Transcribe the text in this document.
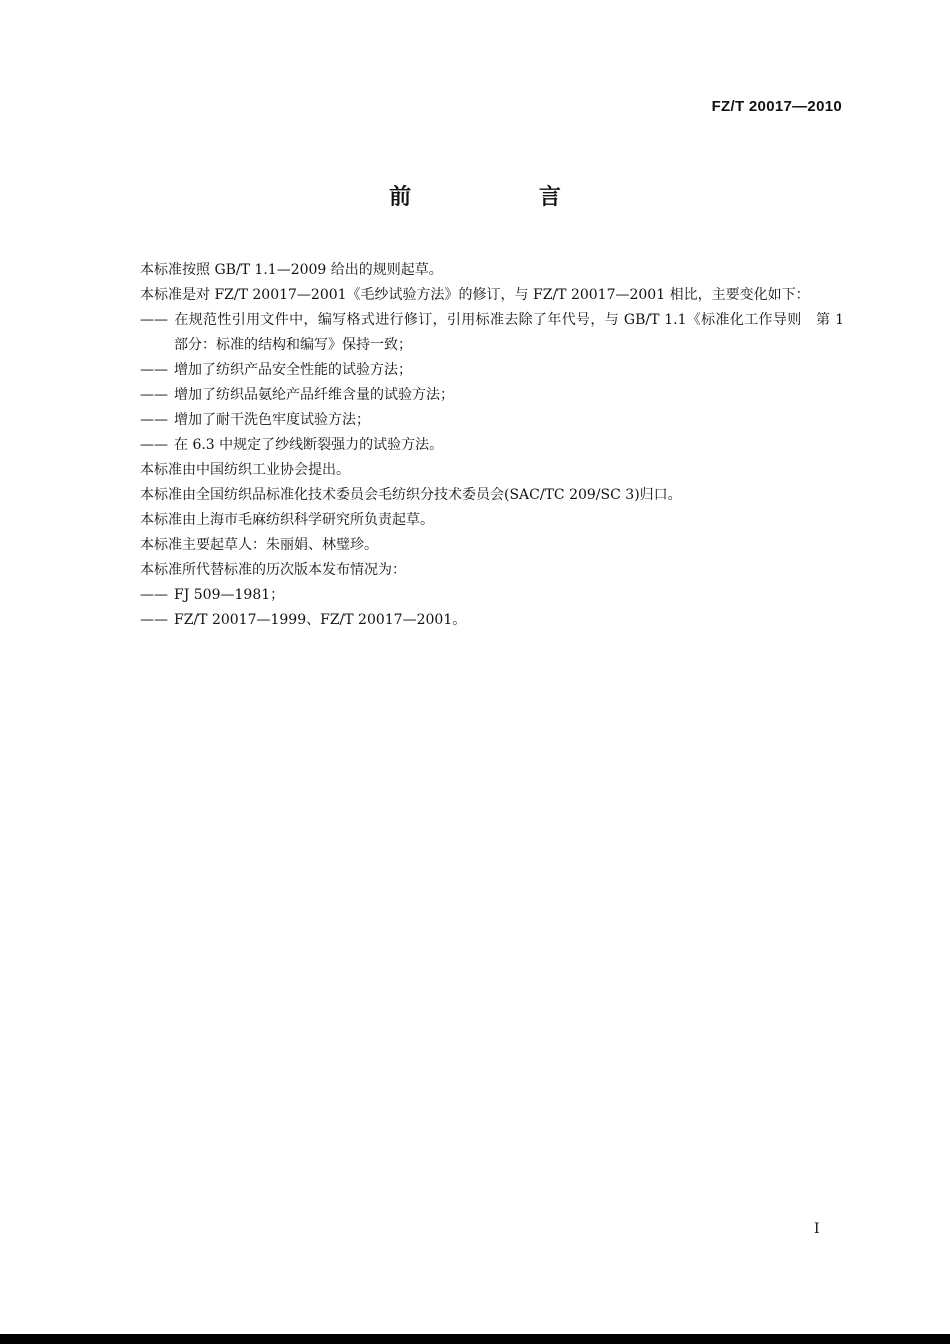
FZ/T 20017—2010

前 言

本标准按照 GB/T 1.1—2009 给出的规则起草。

本标准是对 FZ/T 20017—2001《毛纱试验方法》的修订，与 FZ/T 20017—2001 相比，主要变化如下：

—— 在规范性引用文件中，编写格式进行修订，引用标准去除了年代号，与 GB/T 1.1《标准化工作导则　第 1 部分：标准的结构和编写》保持一致；

—— 增加了纺织产品安全性能的试验方法；

—— 增加了纺织品氨纶产品纤维含量的试验方法；

—— 增加了耐干洗色牢度试验方法；

—— 在 6.3 中规定了纱线断裂强力的试验方法。

本标准由中国纺织工业协会提出。

本标准由全国纺织品标准化技术委员会毛纺织分技术委员会(SAC/TC 209/SC 3)归口。

本标准由上海市毛麻纺织科学研究所负责起草。

本标准主要起草人：朱丽娟、林璧珍。

本标准所代替标准的历次版本发布情况为：

—— FJ 509—1981；

—— FZ/T 20017—1999、FZ/T 20017—2001。

I
